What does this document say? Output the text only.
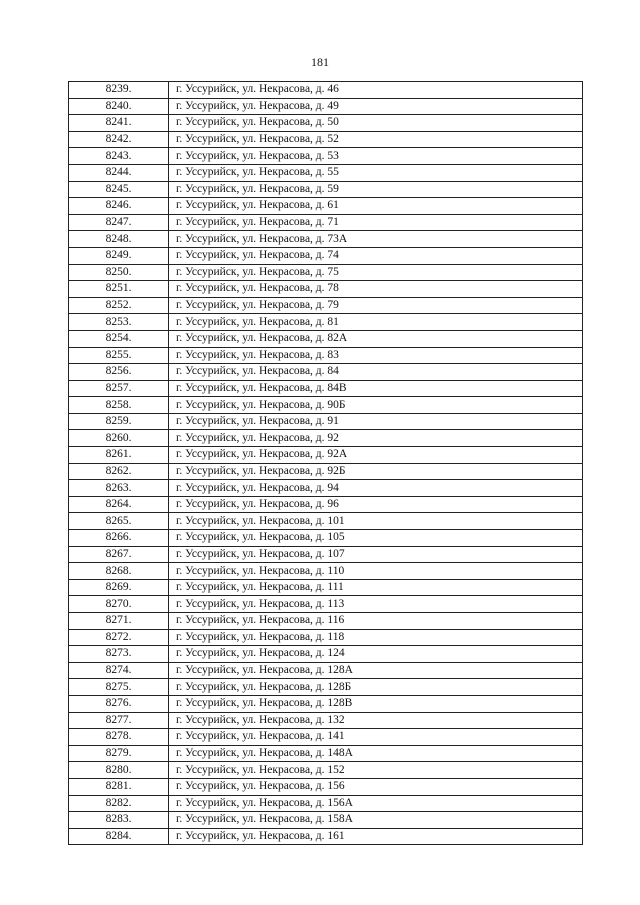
181
8239.	г. Уссурийск, ул. Некрасова, д. 46
8240.	г. Уссурийск, ул. Некрасова, д. 49
8241.	г. Уссурийск, ул. Некрасова, д. 50
8242.	г. Уссурийск, ул. Некрасова, д. 52
8243.	г. Уссурийск, ул. Некрасова, д. 53
8244.	г. Уссурийск, ул. Некрасова, д. 55
8245.	г. Уссурийск, ул. Некрасова, д. 59
8246.	г. Уссурийск, ул. Некрасова, д. 61
8247.	г. Уссурийск, ул. Некрасова, д. 71
8248.	г. Уссурийск, ул. Некрасова, д. 73А
8249.	г. Уссурийск, ул. Некрасова, д. 74
8250.	г. Уссурийск, ул. Некрасова, д. 75
8251.	г. Уссурийск, ул. Некрасова, д. 78
8252.	г. Уссурийск, ул. Некрасова, д. 79
8253.	г. Уссурийск, ул. Некрасова, д. 81
8254.	г. Уссурийск, ул. Некрасова, д. 82А
8255.	г. Уссурийск, ул. Некрасова, д. 83
8256.	г. Уссурийск, ул. Некрасова, д. 84
8257.	г. Уссурийск, ул. Некрасова, д. 84В
8258.	г. Уссурийск, ул. Некрасова, д. 90Б
8259.	г. Уссурийск, ул. Некрасова, д. 91
8260.	г. Уссурийск, ул. Некрасова, д. 92
8261.	г. Уссурийск, ул. Некрасова, д. 92А
8262.	г. Уссурийск, ул. Некрасова, д. 92Б
8263.	г. Уссурийск, ул. Некрасова, д. 94
8264.	г. Уссурийск, ул. Некрасова, д. 96
8265.	г. Уссурийск, ул. Некрасова, д. 101
8266.	г. Уссурийск, ул. Некрасова, д. 105
8267.	г. Уссурийск, ул. Некрасова, д. 107
8268.	г. Уссурийск, ул. Некрасова, д. 110
8269.	г. Уссурийск, ул. Некрасова, д. 111
8270.	г. Уссурийск, ул. Некрасова, д. 113
8271.	г. Уссурийск, ул. Некрасова, д. 116
8272.	г. Уссурийск, ул. Некрасова, д. 118
8273.	г. Уссурийск, ул. Некрасова, д. 124
8274.	г. Уссурийск, ул. Некрасова, д. 128А
8275.	г. Уссурийск, ул. Некрасова, д. 128Б
8276.	г. Уссурийск, ул. Некрасова, д. 128В
8277.	г. Уссурийск, ул. Некрасова, д. 132
8278.	г. Уссурийск, ул. Некрасова, д. 141
8279.	г. Уссурийск, ул. Некрасова, д. 148А
8280.	г. Уссурийск, ул. Некрасова, д. 152
8281.	г. Уссурийск, ул. Некрасова, д. 156
8282.	г. Уссурийск, ул. Некрасова, д. 156А
8283.	г. Уссурийск, ул. Некрасова, д. 158А
8284.	г. Уссурийск, ул. Некрасова, д. 161
